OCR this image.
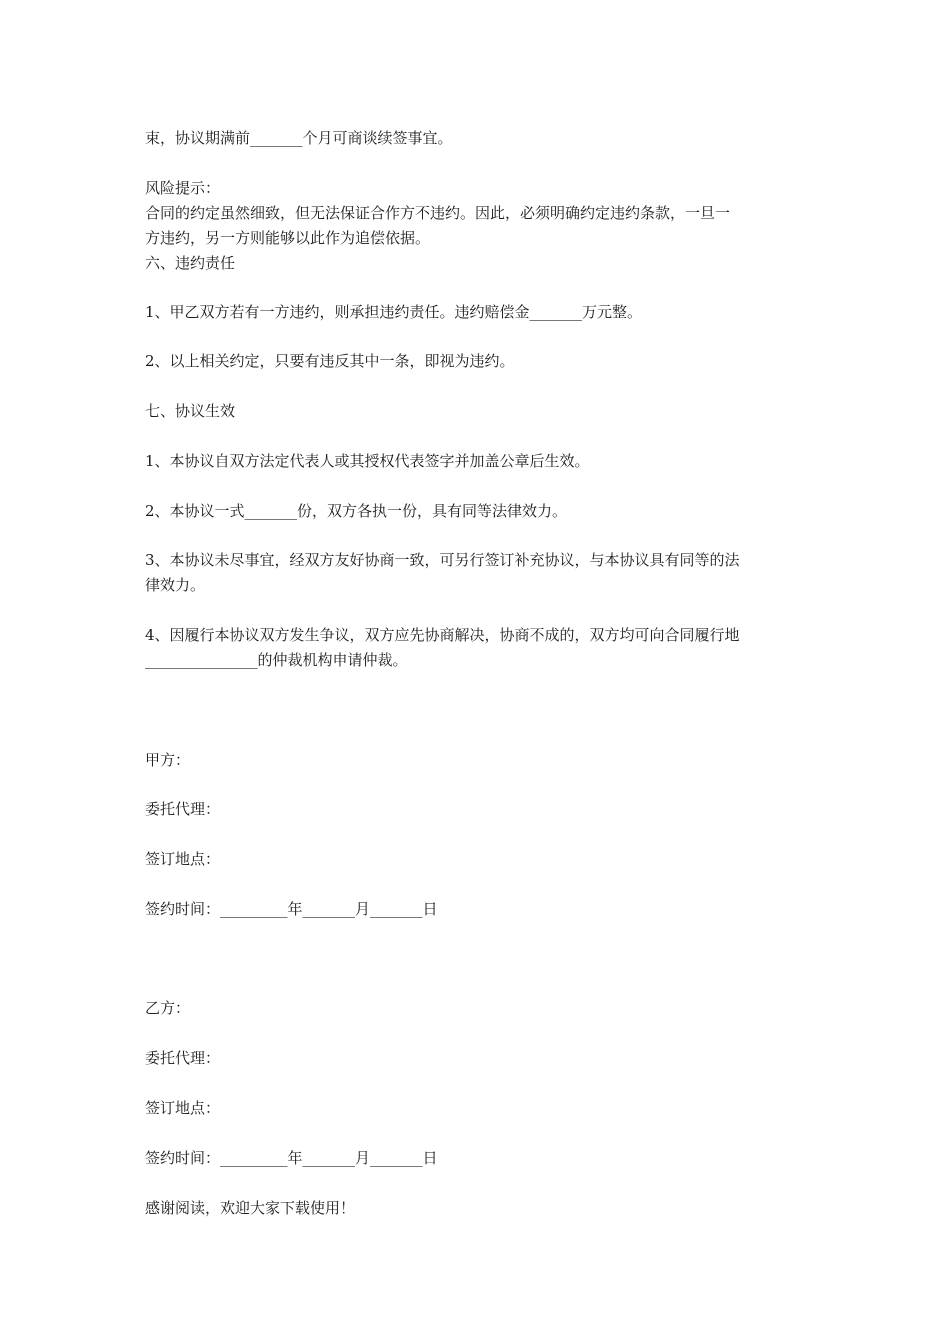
束，协议期满前_______个月可商谈续签事宜。
风险提示：
合同的约定虽然细致，但无法保证合作方不违约。因此，必须明确约定违约条款，一旦一
方违约，另一方则能够以此作为追偿依据。
六、违约责任
1、甲乙双方若有一方违约，则承担违约责任。违约赔偿金_______万元整。
2、以上相关约定，只要有违反其中一条，即视为违约。
七、协议生效
1、本协议自双方法定代表人或其授权代表签字并加盖公章后生效。
2、本协议一式_______份，双方各执一份，具有同等法律效力。
3、本协议未尽事宜，经双方友好协商一致，可另行签订补充协议，与本协议具有同等的法
律效力。
4、因履行本协议双方发生争议，双方应先协商解决，协商不成的，双方均可向合同履行地
_______________的仲裁机构申请仲裁。
甲方：
委托代理：
签订地点：
签约时间：_________年_______月_______日
乙方：
委托代理：
签订地点：
签约时间：_________年_______月_______日
感谢阅读，欢迎大家下载使用！
